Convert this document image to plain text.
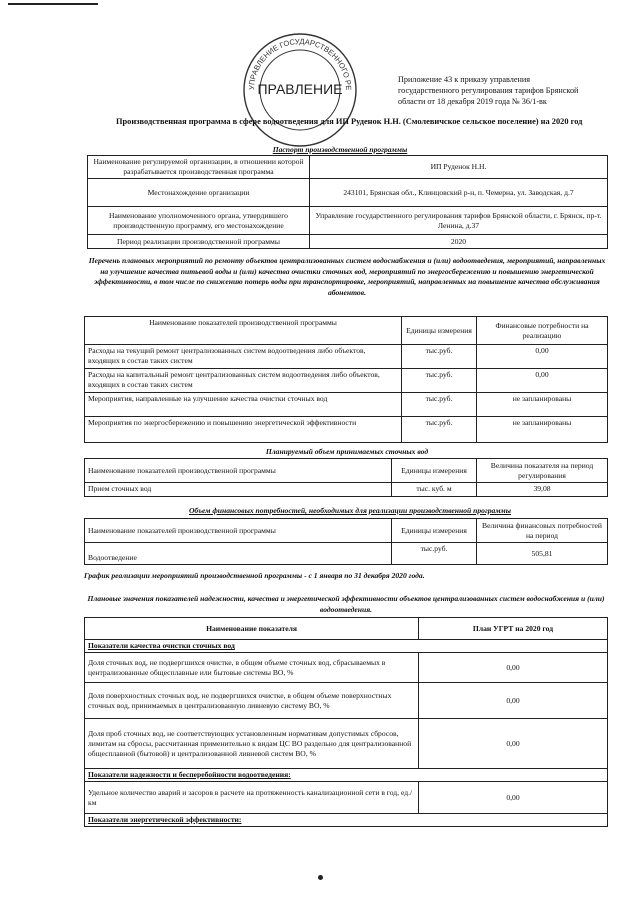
УПРАВЛЕНИЕ ГОСУДАРСТВЕННОГО РЕ
ПРАВЛЕНИЕ
Приложение 43 к приказу управления
государственного регулирования тарифов Брянской
области от 18 декабря 2019 года № 36/1-вк
Производственная программа в сфере водоотведения для ИП Руденок Н.Н. (Смолевичское сельское поселение) на 2020 год
Паспорт производственной программы
Наименование регулируемой организации, в отношении которой разрабатывается производственная программа	ИП Руденок Н.Н.
Местонахождение организации	243101, Брянская обл., Клинцовский р-н, п. Чемерна, ул. Заводская, д.7
Наименование уполномоченного органа, утвердившего производственную программу, его местонахождение	Управление государственного регулирования тарифов Брянской области, г. Брянск, пр-т. Ленина, д.37
Период реализации производственной программы	2020
Перечень плановых мероприятий по ремонту объектов централизованных систем водоснабжения и (или) водоотведения, мероприятий, направленных на улучшение качества питьевой воды и (или) качества очистки сточных вод, мероприятий по энергосбережению и повышению энергетической эффективности, в том числе по снижению потерь воды при транспортировке, мероприятий, направленных на повышение качества обслуживания абонентов.
Наименование показателей производственной программы	Единицы измерения	Финансовые потребности на реализацию
Расходы на текущий ремонт централизованных систем водоотведения либо объектов, входящих в состав таких систем	тыс.руб.	0,00
Расходы на капитальный ремонт централизованных систем водоотведения либо объектов, входящих в состав таких систем	тыс.руб.	0,00
Мероприятия, направленные на улучшение качества очистки сточных вод	тыс.руб.	не запланированы
Мероприятия по энергосбережению и повышению энергетической эффективности	тыс.руб.	не запланированы
Планируемый объем принимаемых сточных вод
Наименование показателей производственной программы	Единицы измерения	Величина показателя на период регулирования
Прием сточных вод	тыс. куб. м	39,08
Объем финансовых потребностей, необходимых для реализации производственной программы
Наименование показателей производственной программы	Единицы измерения	Величина финансовых потребностей на период
Водоотведение	тыс.руб.	505,81
График реализации мероприятий производственной программы - с 1 января по 31 декабря 2020 года.
Плановые значения показателей надежности, качества и энергетической эффективности объектов централизованных систем водоснабжения и (или) водоотведения.
Наименование показателя	План УГРТ на 2020 год
Показатели качества очистки сточных вод	
Доля сточных вод, не подвергшихся очистке, в общем объеме сточных вод, сбрасываемых в централизованные общесплавные или бытовые системы ВО, %	0,00
Доля поверхностных сточных вод, не подвергшихся очистке, в общем объеме поверхностных сточных вод, принимаемых в централизованную ливневую систему ВО, %	0,00
Доля проб сточных вод, не соответствующих установленным нормативам допустимых сбросов, лимитам на сбросы, рассчитанная применительно к видам ЦС ВО раздельно для централизованной общесплавной (бытовой) и централизованной ливневой систем ВО, %	0,00
Показатели надежности и бесперебойности водоотведения:	
Удельное количество аварий и засоров в расчете на протяженность канализационной сети в год, ед./км	0,00
Показатели энергетической эффективности:	
